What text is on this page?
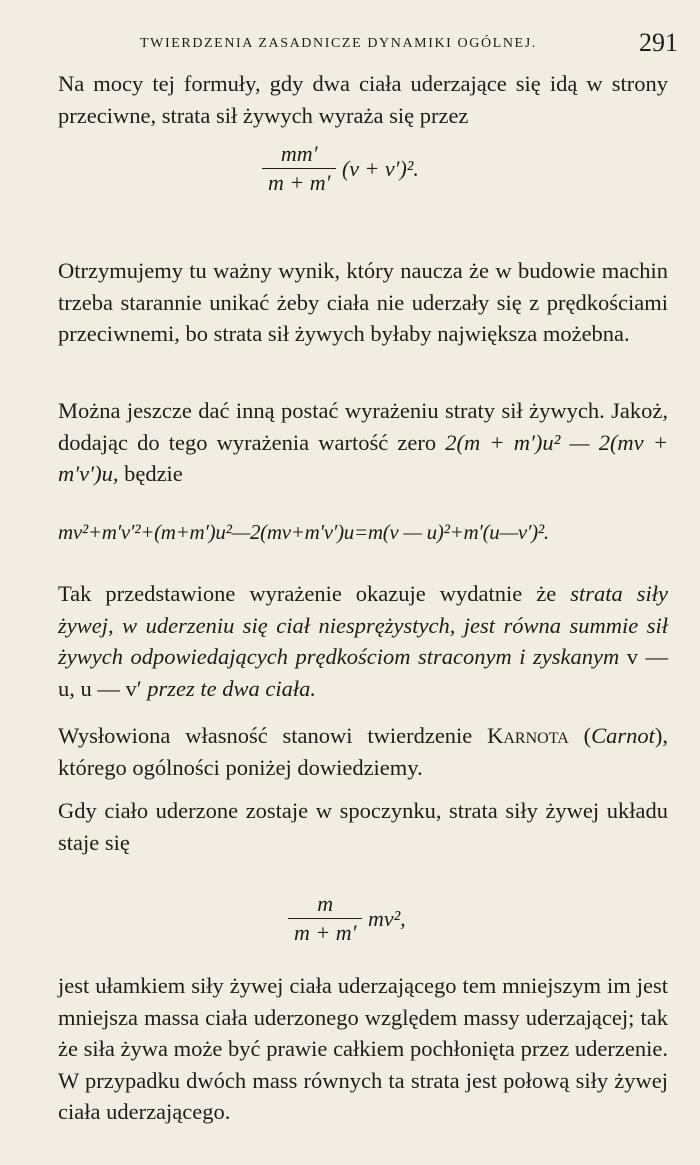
TWIERDZENIA ZASADNICZE DYNAMIKI OGÓLNEJ.	291

Na mocy tej formuły, gdy dwa ciała uderzające się idą w strony przeciwne, strata sił żywych wyraża się przez

$\frac{mm'}{m + m'} (v + v')^2$.

Otrzymujemy tu ważny wynik, który naucza że w budowie machin trzeba starannie unikać żeby ciała nie uderzały się z prędkościami przeciwnemi, bo strata sił żywych byłaby największa możebna.

Można jeszcze dać inną postać wyrażeniu straty sił żywych. Jakoż, dodając do tego wyrażenia wartość zero 2(m + m′)u² — 2(mv + m′v′)u, będzie

mv²+m′v′²+(m+m′)u²—2(mv+m′v′)u=m(v — u)²+m′(u—v′)².

Tak przedstawione wyrażenie okazuje wydatnie że strata siły żywej, w uderzeniu się ciał niesprężystych, jest równa summie sił żywych odpowiedających prędkościom straconym i zyskanym v — u, u — v′ przez te dwa ciała.

Wysłowiona własność stanowi twierdzenie Karnota (Carnot), którego ogólności poniżej dowiedziemy.

Gdy ciało uderzone zostaje w spoczynku, strata siły żywej układu staje się

$\frac{m}{m + m'} mv^2$,

jest ułamkiem siły żywej ciała uderzającego tem mniejszym im jest mniejsza massa ciała uderzonego względem massy uderzającej; tak że siła żywa może być prawie całkiem pochłonięta przez uderzenie. W przypadku dwóch mass równych ta strata jest połową siły żywej ciała uderzającego.
